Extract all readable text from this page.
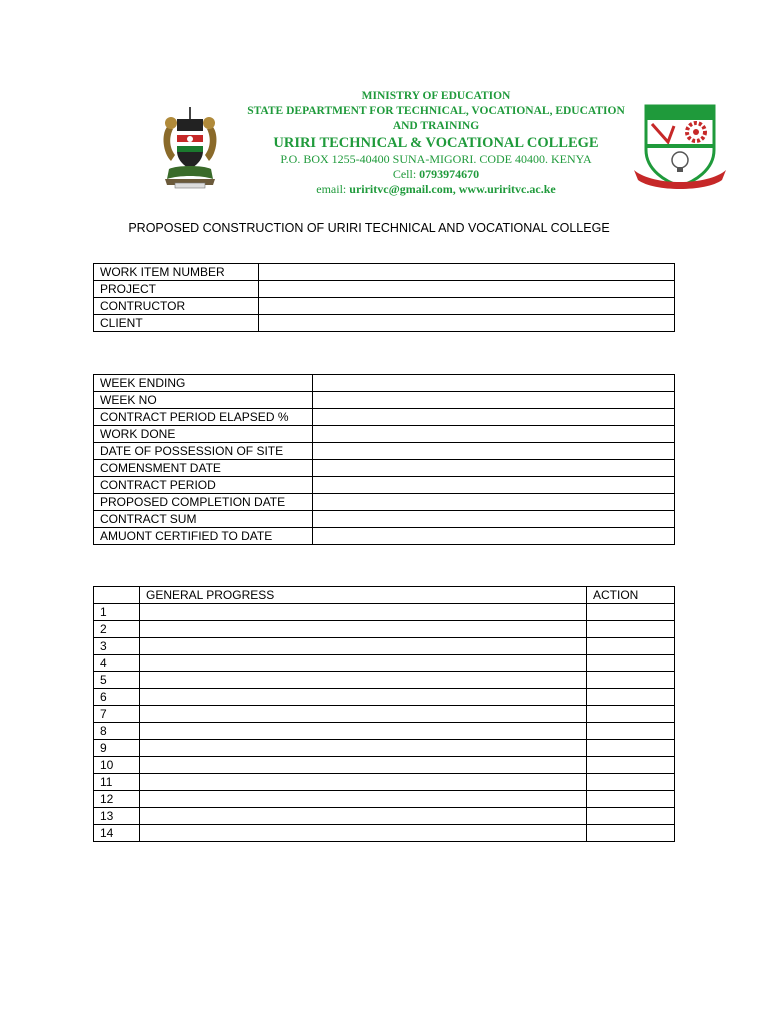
MINISTRY OF EDUCATION
STATE DEPARTMENT FOR TECHNICAL, VOCATIONAL, EDUCATION AND TRAINING
URIRI TECHNICAL & VOCATIONAL COLLEGE
P.O. BOX 1255-40400 SUNA-MIGORI. CODE 40400. KENYA
Cell: 0793974670
email: uriritvc@gmail.com, www.uriritvc.ac.ke
PROPOSED CONSTRUCTION OF URIRI TECHNICAL AND VOCATIONAL COLLEGE
WORK ITEM NUMBER	
PROJECT	
CONTRUCTOR	
CLIENT	
WEEK ENDING	
WEEK NO	
CONTRACT PERIOD ELAPSED %	
WORK DONE	
DATE OF POSSESSION OF SITE	
COMENSMENT DATE	
CONTRACT PERIOD	
PROPOSED COMPLETION DATE	
CONTRACT SUM	
AMUONT CERTIFIED TO DATE	
	GENERAL PROGRESS	ACTION
1		
2		
3		
4		
5		
6		
7		
8		
9		
10		
11		
12		
13		
14		
